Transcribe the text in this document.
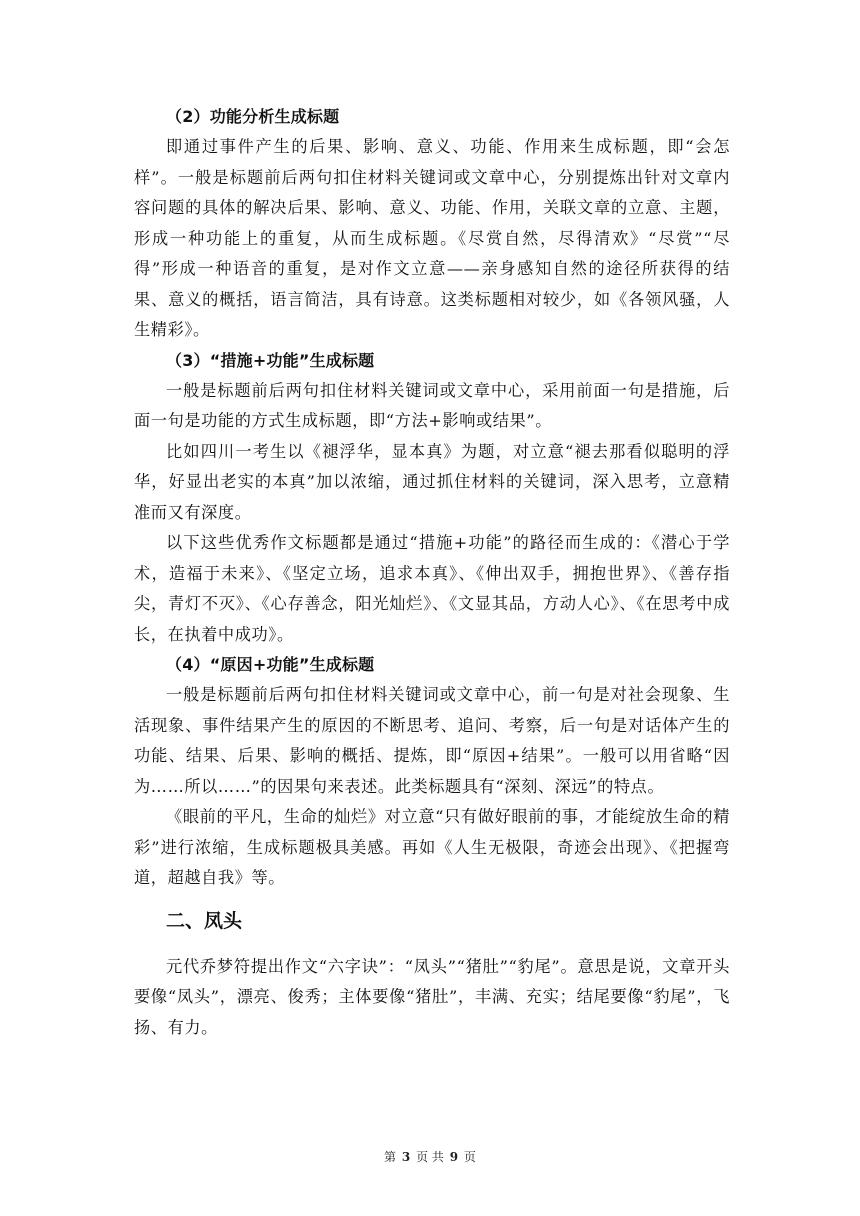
（2）功能分析生成标题

即通过事件产生的后果、影响、意义、功能、作用来生成标题，即“会怎样”。一般是标题前后两句扣住材料关键词或文章中心，分别提炼出针对文章内容问题的具体的解决后果、影响、意义、功能、作用，关联文章的立意、主题，形成一种功能上的重复，从而生成标题。《尽赏自然，尽得清欢》“尽赏”“尽得”形成一种语音的重复，是对作文立意——亲身感知自然的途径所获得的结果、意义的概括，语言简洁，具有诗意。这类标题相对较少，如《各领风骚，人生精彩》。

（3）“措施+功能”生成标题

一般是标题前后两句扣住材料关键词或文章中心，采用前面一句是措施，后面一句是功能的方式生成标题，即“方法+影响或结果”。

比如四川一考生以《褪浮华，显本真》为题，对立意“褪去那看似聪明的浮华，好显出老实的本真”加以浓缩，通过抓住材料的关键词，深入思考，立意精准而又有深度。

以下这些优秀作文标题都是通过“措施+功能”的路径而生成的：《潜心于学术，造福于未来》、《坚定立场，追求本真》、《伸出双手，拥抱世界》、《善存指尖，青灯不灭》、《心存善念，阳光灿烂》、《文显其品，方动人心》、《在思考中成长，在执着中成功》。

（4）“原因+功能”生成标题

一般是标题前后两句扣住材料关键词或文章中心，前一句是对社会现象、生活现象、事件结果产生的原因的不断思考、追问、考察，后一句是对话体产生的功能、结果、后果、影响的概括、提炼，即“原因+结果”。一般可以用省略“因为……所以……”的因果句来表述。此类标题具有“深刻、深远”的特点。

《眼前的平凡，生命的灿烂》对立意“只有做好眼前的事，才能绽放生命的精彩”进行浓缩，生成标题极具美感。再如《人生无极限，奇迹会出现》、《把握弯道，超越自我》等。

二、凤头

元代乔梦符提出作文“六字诀”：“凤头”“猪肚”“豹尾”。意思是说，文章开头要像“凤头”，漂亮、俊秀；主体要像“猪肚”，丰满、充实；结尾要像“豹尾”，飞扬、有力。

第 3 页 共 9 页
